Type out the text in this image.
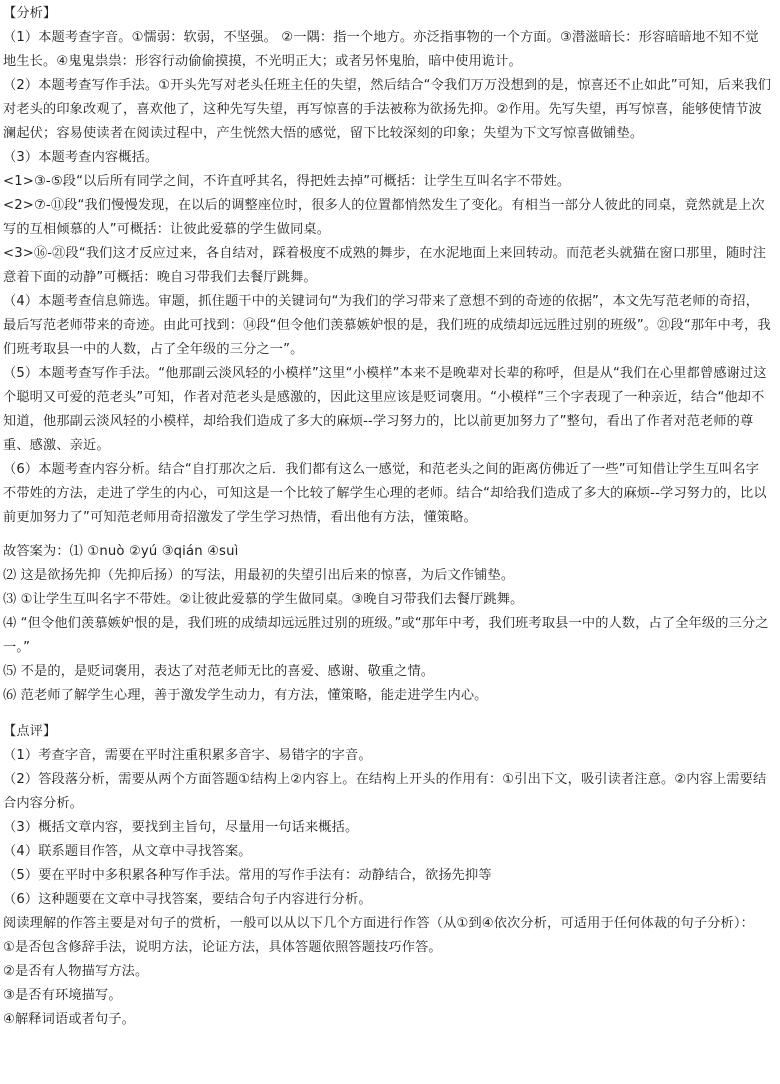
【分析】

（1）本题考查字音。①懦弱：软弱，不坚强。 ②一隅：指一个地方。亦泛指事物的一个方面。③潜滋暗长：形容暗暗地不知不觉地生长。④鬼鬼祟祟：形容行动偷偷摸摸，不光明正大；或者另怀鬼胎，暗中使用诡计。

（2）本题考查写作手法。①开头先写对老头任班主任的失望，然后结合“令我们万万没想到的是，惊喜还不止如此”可知，后来我们对老头的印象改观了，喜欢他了，这种先写失望，再写惊喜的手法被称为欲扬先抑。②作用。先写失望，再写惊喜，能够使情节波澜起伏；容易使读者在阅读过程中，产生恍然大悟的感觉，留下比较深刻的印象；失望为下文写惊喜做铺垫。

（3）本题考查内容概括。

<1>③-⑤段“以后所有同学之间，不许直呼其名，得把姓去掉”可概括：让学生互叫名字不带姓。

<2>⑦-⑪段“我们慢慢发现，在以后的调整座位时，很多人的位置都悄然发生了变化。有相当一部分人彼此的同桌，竟然就是上次写的互相倾慕的人”可概括：让彼此爱慕的学生做同桌。

<3>⑯-㉑段“我们这才反应过来，各自结对，踩着极度不成熟的舞步，在水泥地面上来回转动。而范老头就猫在窗口那里，随时注意着下面的动静”可概括：晚自习带我们去餐厅跳舞。

（4）本题考查信息筛选。审题，抓住题干中的关键词句“为我们的学习带来了意想不到的奇迹的依据”，本文先写范老师的奇招，最后写范老师带来的奇迹。由此可找到：⑭段“但令他们羡慕嫉妒恨的是，我们班的成绩却远远胜过别的班级”。㉑段“那年中考，我们班考取县一中的人数，占了全年级的三分之一”。

（5）本题考查写作手法。“他那副云淡风轻的小模样”这里“小模样”本来不是晚辈对长辈的称呼，但是从“我们在心里都曾感谢过这个聪明又可爱的范老头”可知，作者对范老头是感激的，因此这里应该是贬词褒用。“小模样”三个字表现了一种亲近，结合“他却不知道，他那副云淡风轻的小模样，却给我们造成了多大的麻烦--学习努力的，比以前更加努力了”整句，看出了作者对范老师的尊重、感激、亲近。

（6）本题考查内容分析。结合“自打那次之后．我们都有这么一感觉，和范老头之间的距离仿佛近了一些”可知借让学生互叫名字不带姓的方法，走进了学生的内心，可知这是一个比较了解学生心理的老师。结合“却给我们造成了多大的麻烦--学习努力的，比以前更加努力了”可知范老师用奇招激发了学生学习热情，看出他有方法，懂策略。

故答案为：⑴ ①nuò ②yú ③qián ④suì

⑵ 这是欲扬先抑（先抑后扬）的写法，用最初的失望引出后来的惊喜，为后文作铺垫。

⑶ ①让学生互叫名字不带姓。②让彼此爱慕的学生做同桌。③晚自习带我们去餐厅跳舞。

⑷ “但令他们羡慕嫉妒恨的是，我们班的成绩却远远胜过别的班级。”或“那年中考，我们班考取县一中的人数，占了全年级的三分之一。”

⑸ 不是的，是贬词褒用，表达了对范老师无比的喜爱、感谢、敬重之情。

⑹ 范老师了解学生心理，善于激发学生动力，有方法，懂策略，能走进学生内心。

【点评】

（1）考查字音，需要在平时注重积累多音字、易错字的字音。

（2）答段落分析，需要从两个方面答题①结构上②内容上。在结构上开头的作用有：①引出下文，吸引读者注意。②内容上需要结合内容分析。

（3）概括文章内容，要找到主旨句，尽量用一句话来概括。

（4）联系题目作答，从文章中寻找答案。

（5）要在平时中多积累各种写作手法。常用的写作手法有：动静结合，欲扬先抑等

（6）这种题要在文章中寻找答案，要结合句子内容进行分析。

阅读理解的作答主要是对句子的赏析，一般可以从以下几个方面进行作答（从①到④依次分析，可适用于任何体裁的句子分析）：

①是否包含修辞手法，说明方法，论证方法，具体答题依照答题技巧作答。

②是否有人物描写方法。

③是否有环境描写。

④解释词语或者句子。
